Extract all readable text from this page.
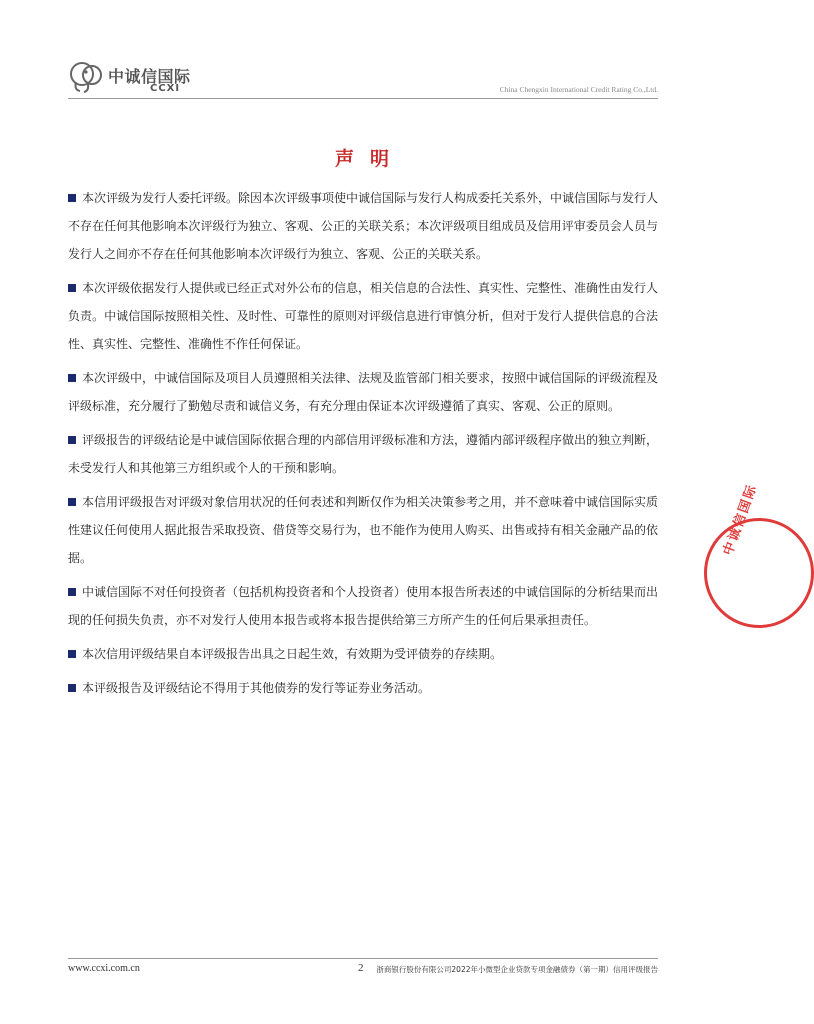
中诚信国际
CCXI	China Chengxin International Credit Rating Co.,Ltd.
声明

本次评级为发行人委托评级。除因本次评级事项使中诚信国际与发行人构成委托关系外，中诚信国际与发行人不存在任何其他影响本次评级行为独立、客观、公正的关联关系；本次评级项目组成员及信用评审委员会人员与发行人之间亦不存在任何其他影响本次评级行为独立、客观、公正的关联关系。

本次评级依据发行人提供或已经正式对外公布的信息，相关信息的合法性、真实性、完整性、准确性由发行人负责。中诚信国际按照相关性、及时性、可靠性的原则对评级信息进行审慎分析，但对于发行人提供信息的合法性、真实性、完整性、准确性不作任何保证。

本次评级中，中诚信国际及项目人员遵照相关法律、法规及监管部门相关要求，按照中诚信国际的评级流程及评级标准，充分履行了勤勉尽责和诚信义务，有充分理由保证本次评级遵循了真实、客观、公正的原则。

评级报告的评级结论是中诚信国际依据合理的内部信用评级标准和方法，遵循内部评级程序做出的独立判断，未受发行人和其他第三方组织或个人的干预和影响。

本信用评级报告对评级对象信用状况的任何表述和判断仅作为相关决策参考之用，并不意味着中诚信国际实质性建议任何使用人据此报告采取投资、借贷等交易行为，也不能作为使用人购买、出售或持有相关金融产品的依据。

中诚信国际不对任何投资者（包括机构投资者和个人投资者）使用本报告所表述的中诚信国际的分析结果而出现的任何损失负责，亦不对发行人使用本报告或将本报告提供给第三方所产生的任何后果承担责任。

本次信用评级结果自本评级报告出具之日起生效，有效期为受评债券的存续期。

本评级报告及评级结论不得用于其他债券的发行等证券业务活动。

中诚信国际
www.ccxi.com.cn	2 浙商银行股份有限公司2022年小微型企业贷款专项金融债券（第一期）信用评级报告
